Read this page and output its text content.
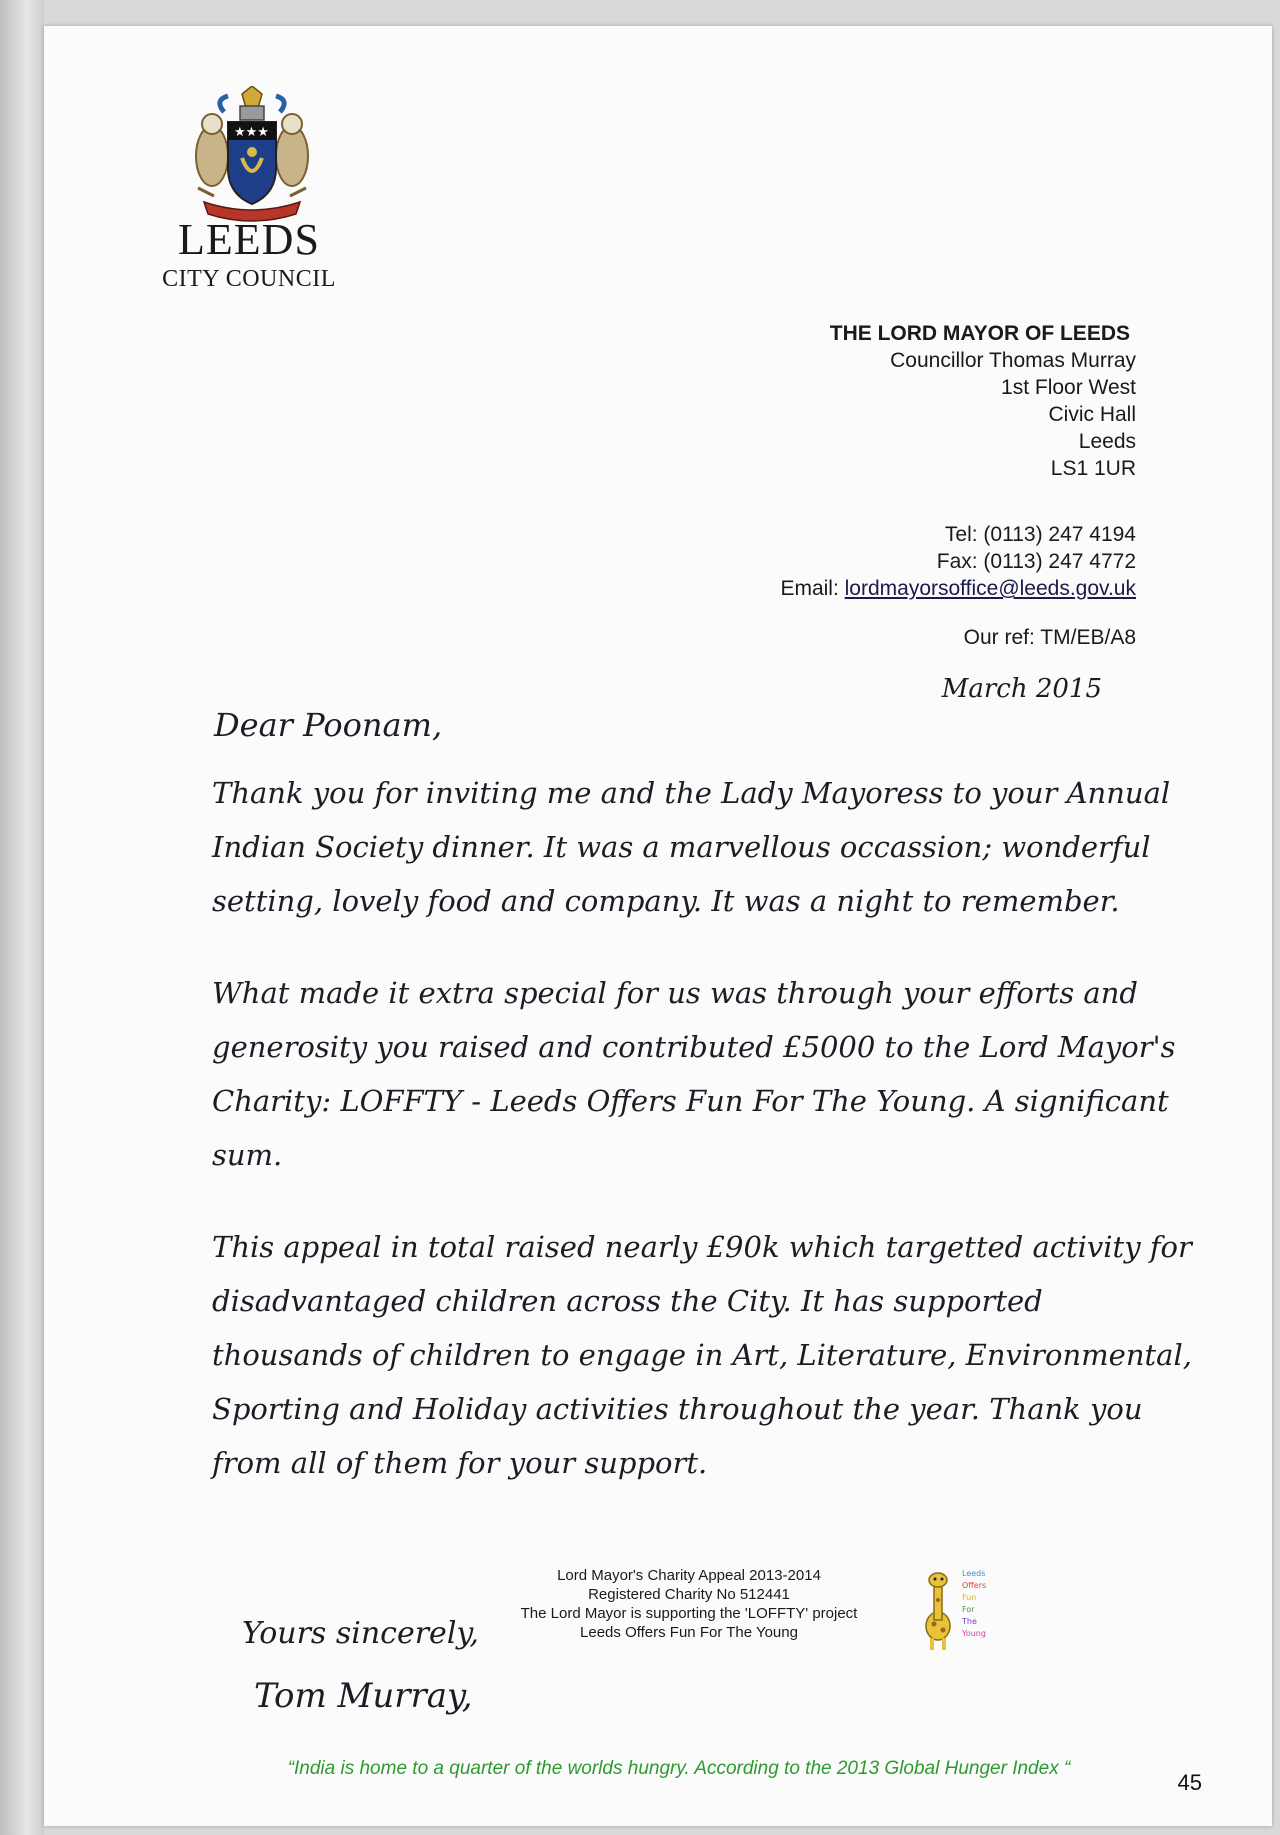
★★★
LEEDS
CITY COUNCIL
THE LORD MAYOR OF LEEDS
Councillor Thomas Murray
1st Floor West
Civic Hall
Leeds
LS1 1UR
Tel: (0113) 247 4194
Fax: (0113) 247 4772
Email: lordmayorsoffice@leeds.gov.uk
Our ref: TM/EB/A8
March 2015
Dear Poonam,

Thank you for inviting me and the Lady Mayoress to your Annual Indian Society dinner. It was a marvellous occassion; wonderful setting, lovely food and company. It was a night to remember.

What made it extra special for us was through your efforts and generosity you raised and contributed £5000 to the Lord Mayor's Charity: LOFFTY - Leeds Offers Fun For The Young. A significant sum.

This appeal in total raised nearly £90k which targetted activity for disadvantaged children across the City. It has supported thousands of children to engage in Art, Literature, Environmental, Sporting and Holiday activities throughout the year. Thank you from all of them for your support.

Lord Mayor's Charity Appeal 2013-2014
Registered Charity No 512441
The Lord Mayor is supporting the 'LOFFTY' project
Leeds Offers Fun For The Young
Leeds
Offers
Fun
For
The
Young
Yours sincerely,
Tom Murray,
“India is home to a quarter of the worlds hungry. According to the 2013 Global Hunger Index “
45
